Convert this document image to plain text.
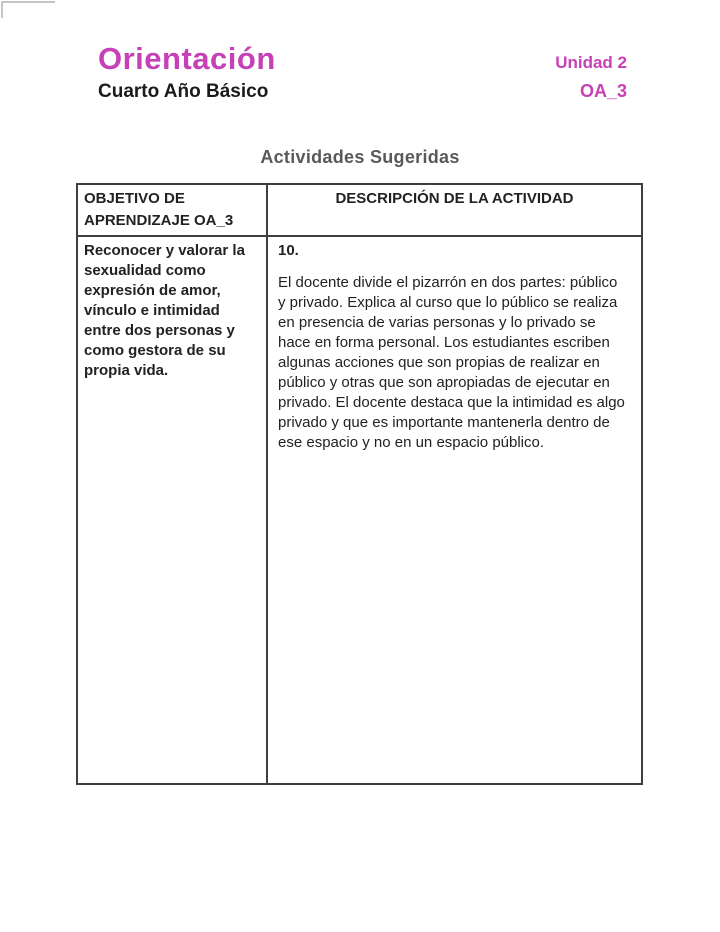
Orientación
Cuarto Año Básico
Unidad 2
OA_3
Actividades Sugeridas
OBJETIVO DE APRENDIZAJE OA_3	DESCRIPCIÓN DE LA ACTIVIDAD

Reconocer y valorar la sexualidad como expresión de amor, vínculo e intimidad entre dos personas y como gestora de su propia vida.	10.

El docente divide el pizarrón en dos partes: público y privado. Explica al curso que lo público se realiza en presencia de varias personas y lo privado se hace en forma personal. Los estudiantes escriben algunas acciones que son propias de realizar en público y otras que son apropiadas de ejecutar en privado. El docente destaca que la intimidad es algo privado y que es importante mantenerla dentro de ese espacio y no en un espacio público.
